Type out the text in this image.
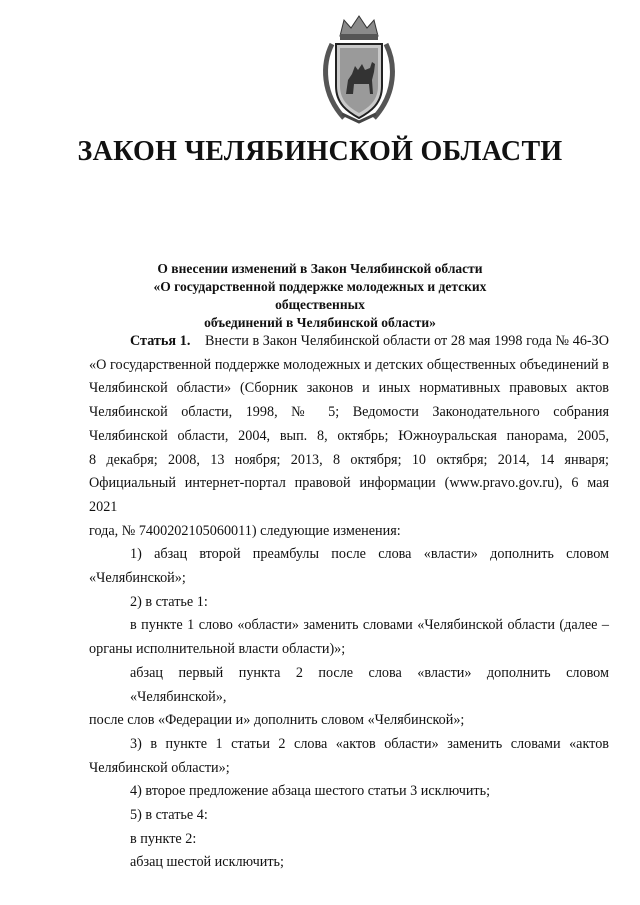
ЗАКОН ЧЕЛЯБИНСКОЙ ОБЛАСТИ
О внесении изменений в Закон Челябинской области
«О государственной поддержке молодежных и детских общественных
объединений в Челябинской области»
Статья 1. Внести в Закон Челябинской области от 28 мая 1998 года № 46-ЗО
«О государственной поддержке молодежных и детских общественных объединений в
Челябинской области» (Сборник законов и иных нормативных правовых актов
Челябинской области, 1998, № 5; Ведомости Законодательного собрания
Челябинской области, 2004, вып. 8, октябрь; Южноуральская панорама, 2005,
8 декабря; 2008, 13 ноября; 2013, 8 октября; 10 октября; 2014, 14 января;
Официальный интернет-портал правовой информации (www.pravo.gov.ru), 6 мая 2021
года, № 7400202105060011) следующие изменения:
1) абзац второй преамбулы после слова «власти» дополнить словом
«Челябинской»;
2) в статье 1:
в пункте 1 слово «области» заменить словами «Челябинской области (далее –
органы исполнительной власти области)»;
абзац первый пункта 2 после слова «власти» дополнить словом «Челябинской»,
после слов «Федерации и» дополнить словом «Челябинской»;
3) в пункте 1 статьи 2 слова «актов области» заменить словами «актов
Челябинской области»;
4) второе предложение абзаца шестого статьи 3 исключить;
5) в статье 4:
в пункте 2:
абзац шестой исключить;
